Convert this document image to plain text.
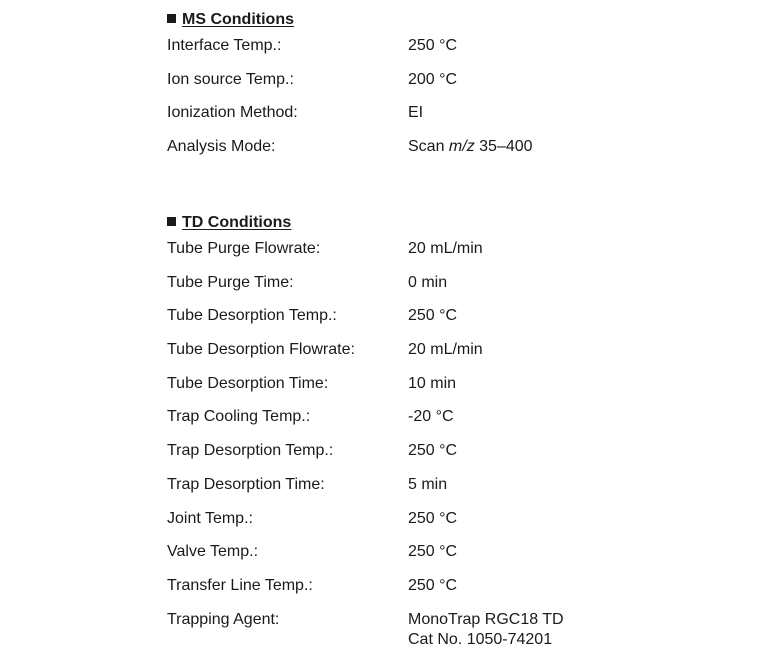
MS Conditions
Interface Temp.:	250 °C
Ion source Temp.:	200 °C
Ionization Method:	EI
Analysis Mode:	Scan m/z 35–400
TD Conditions
Tube Purge Flowrate:	20 mL/min
Tube Purge Time:	0 min
Tube Desorption Temp.:	250 °C
Tube Desorption Flowrate:	20 mL/min
Tube Desorption Time:	10 min
Trap Cooling Temp.:	-20 °C
Trap Desorption Temp.:	250 °C
Trap Desorption Time:	5 min
Joint Temp.:	250 °C
Valve Temp.:	250 °C
Transfer Line Temp.:	250 °C
Trapping Agent:	MonoTrap RGC18 TD
Cat No. 1050-74201
